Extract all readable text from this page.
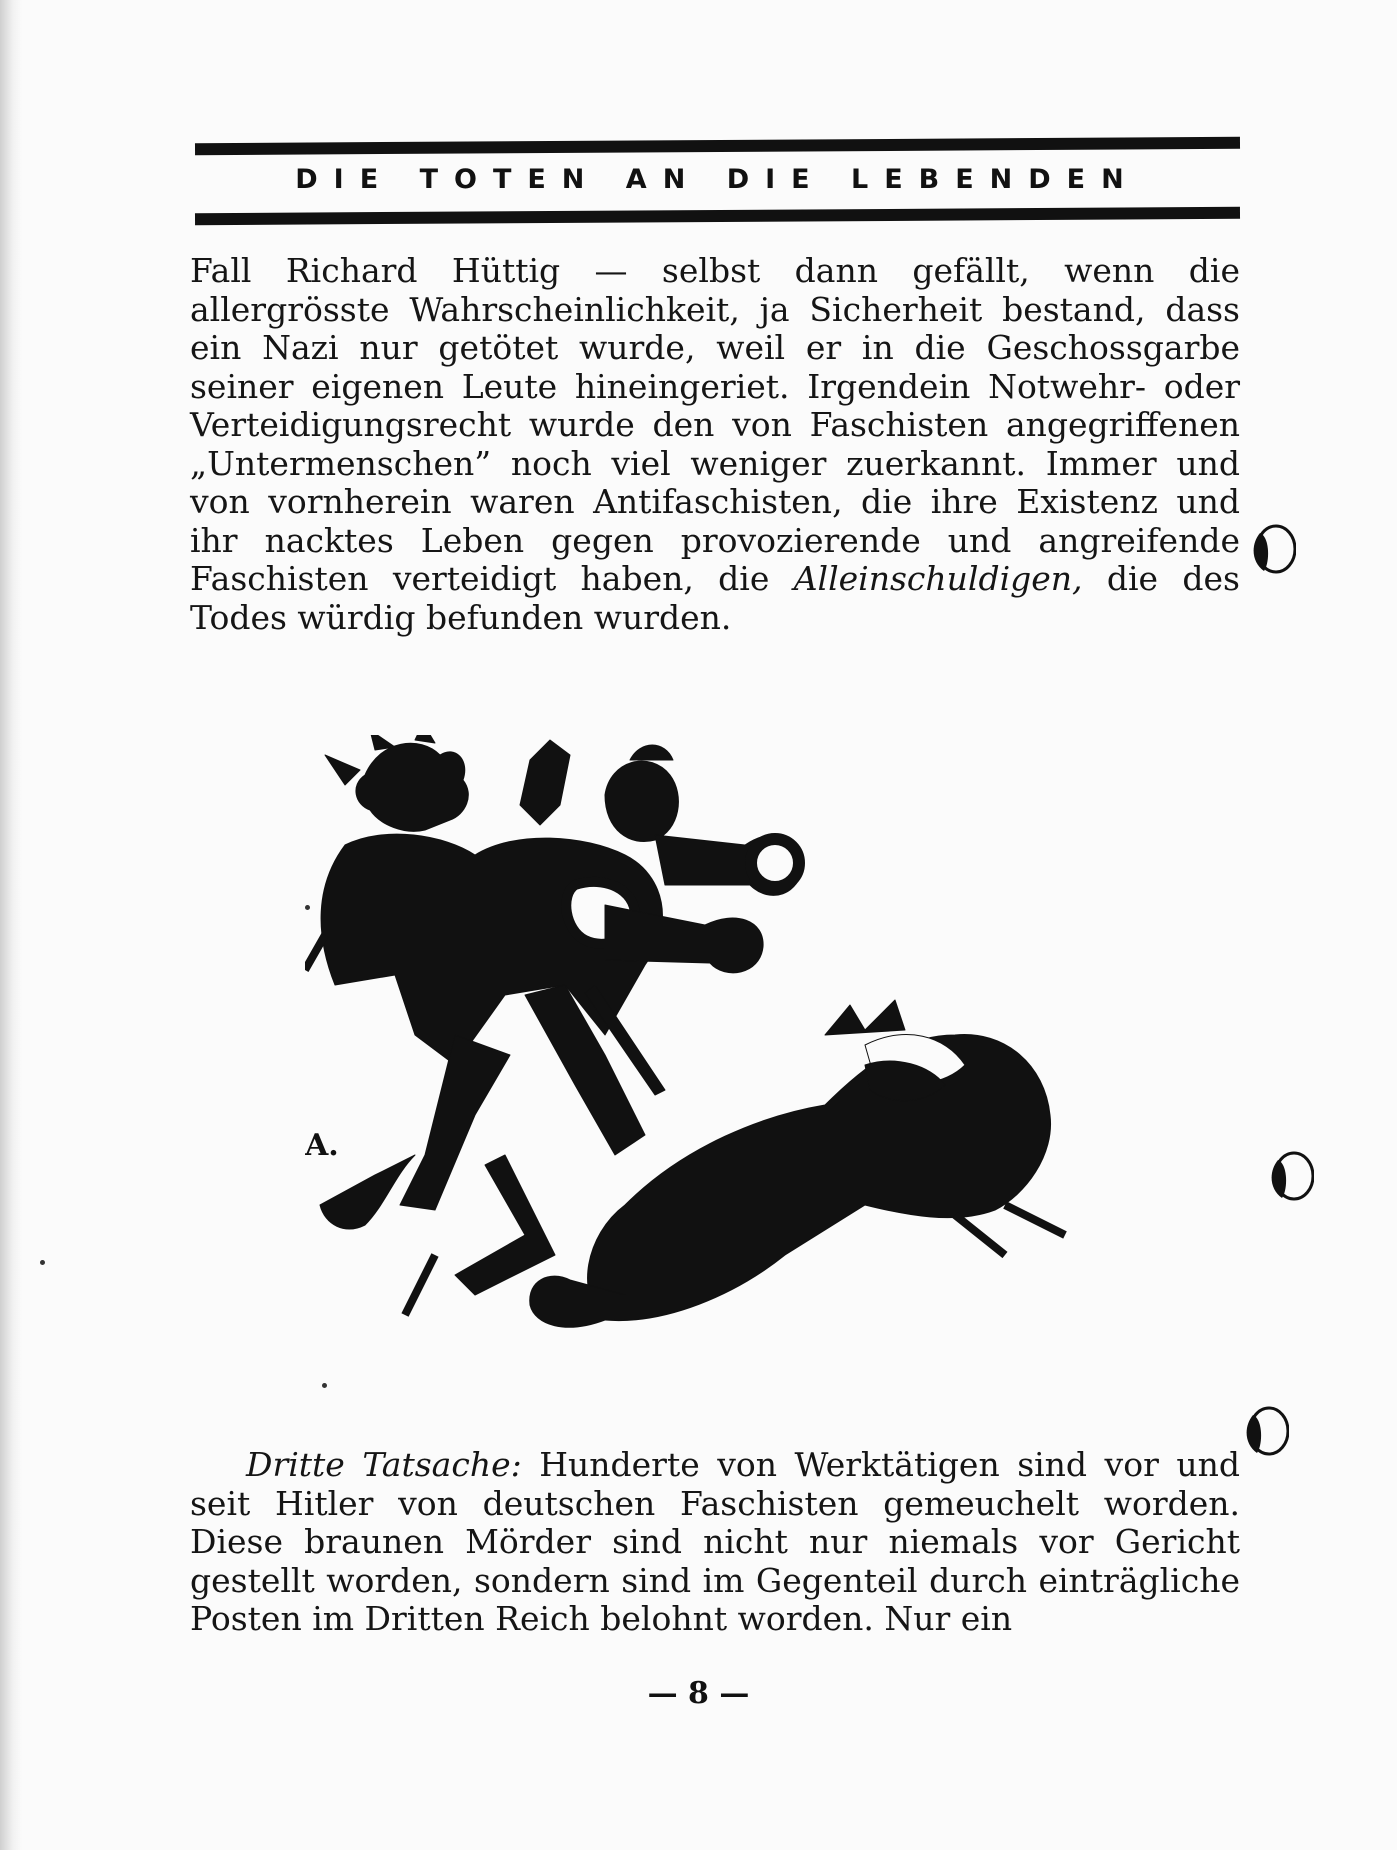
DIE TOTEN AN DIE LEBENDEN
Fall Richard Hüttig — selbst dann gefällt, wenn die allergrösste Wahrscheinlichkeit, ja Sicherheit bestand, dass ein Nazi nur getötet wurde, weil er in die Geschossgarbe seiner eigenen Leute hineingeriet. Irgendein Notwehr- oder Verteidigungsrecht wurde den von Faschisten angegriffenen „Untermenschen” noch viel weniger zuerkannt. Immer und von vornherein waren Antifaschisten, die ihre Existenz und ihr nacktes Leben gegen provozierende und angreifende Faschisten verteidigt haben, die Alleinschuldigen, die des Todes würdig befunden wurden.
A.
Dritte Tatsache: Hunderte von Werktätigen sind vor und seit Hitler von deutschen Faschisten gemeuchelt worden. Diese braunen Mörder sind nicht nur niemals vor Gericht gestellt worden, sondern sind im Gegenteil durch einträgliche Posten im Dritten Reich belohnt worden. Nur ein
— 8 —
